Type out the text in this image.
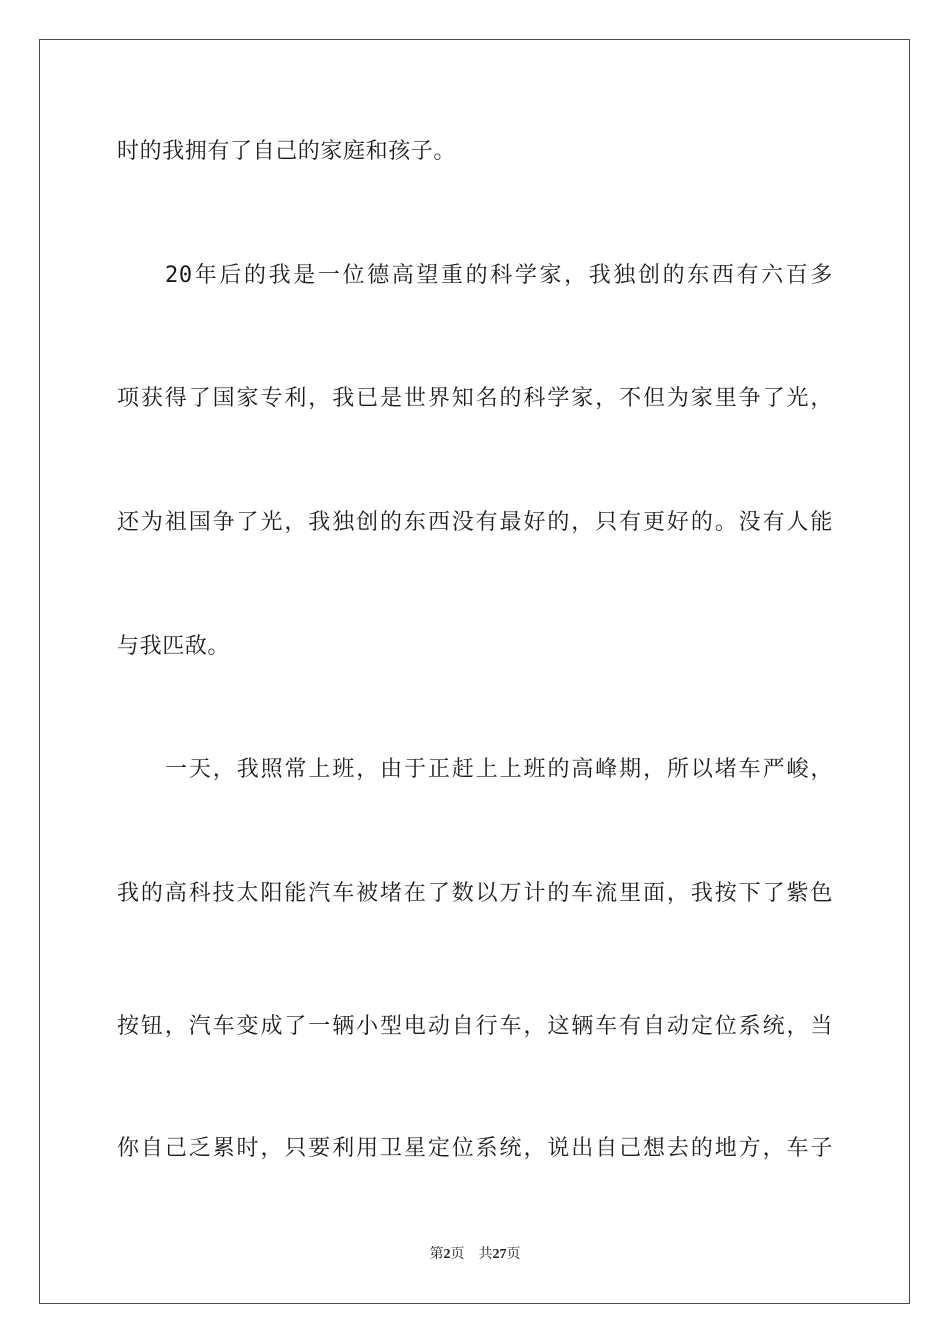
时的我拥有了自己的家庭和孩子。
20年后的我是一位德高望重的科学家，我独创的东西有六百多
项获得了国家专利，我已是世界知名的科学家，不但为家里争了光，
还为祖国争了光，我独创的东西没有最好的，只有更好的。没有人能
与我匹敌。
一天，我照常上班，由于正赶上上班的高峰期，所以堵车严峻，
我的高科技太阳能汽车被堵在了数以万计的车流里面，我按下了紫色
按钮，汽车变成了一辆小型电动自行车，这辆车有自动定位系统，当
你自己乏累时，只要利用卫星定位系统，说出自己想去的地方，车子
第2页 共27页
